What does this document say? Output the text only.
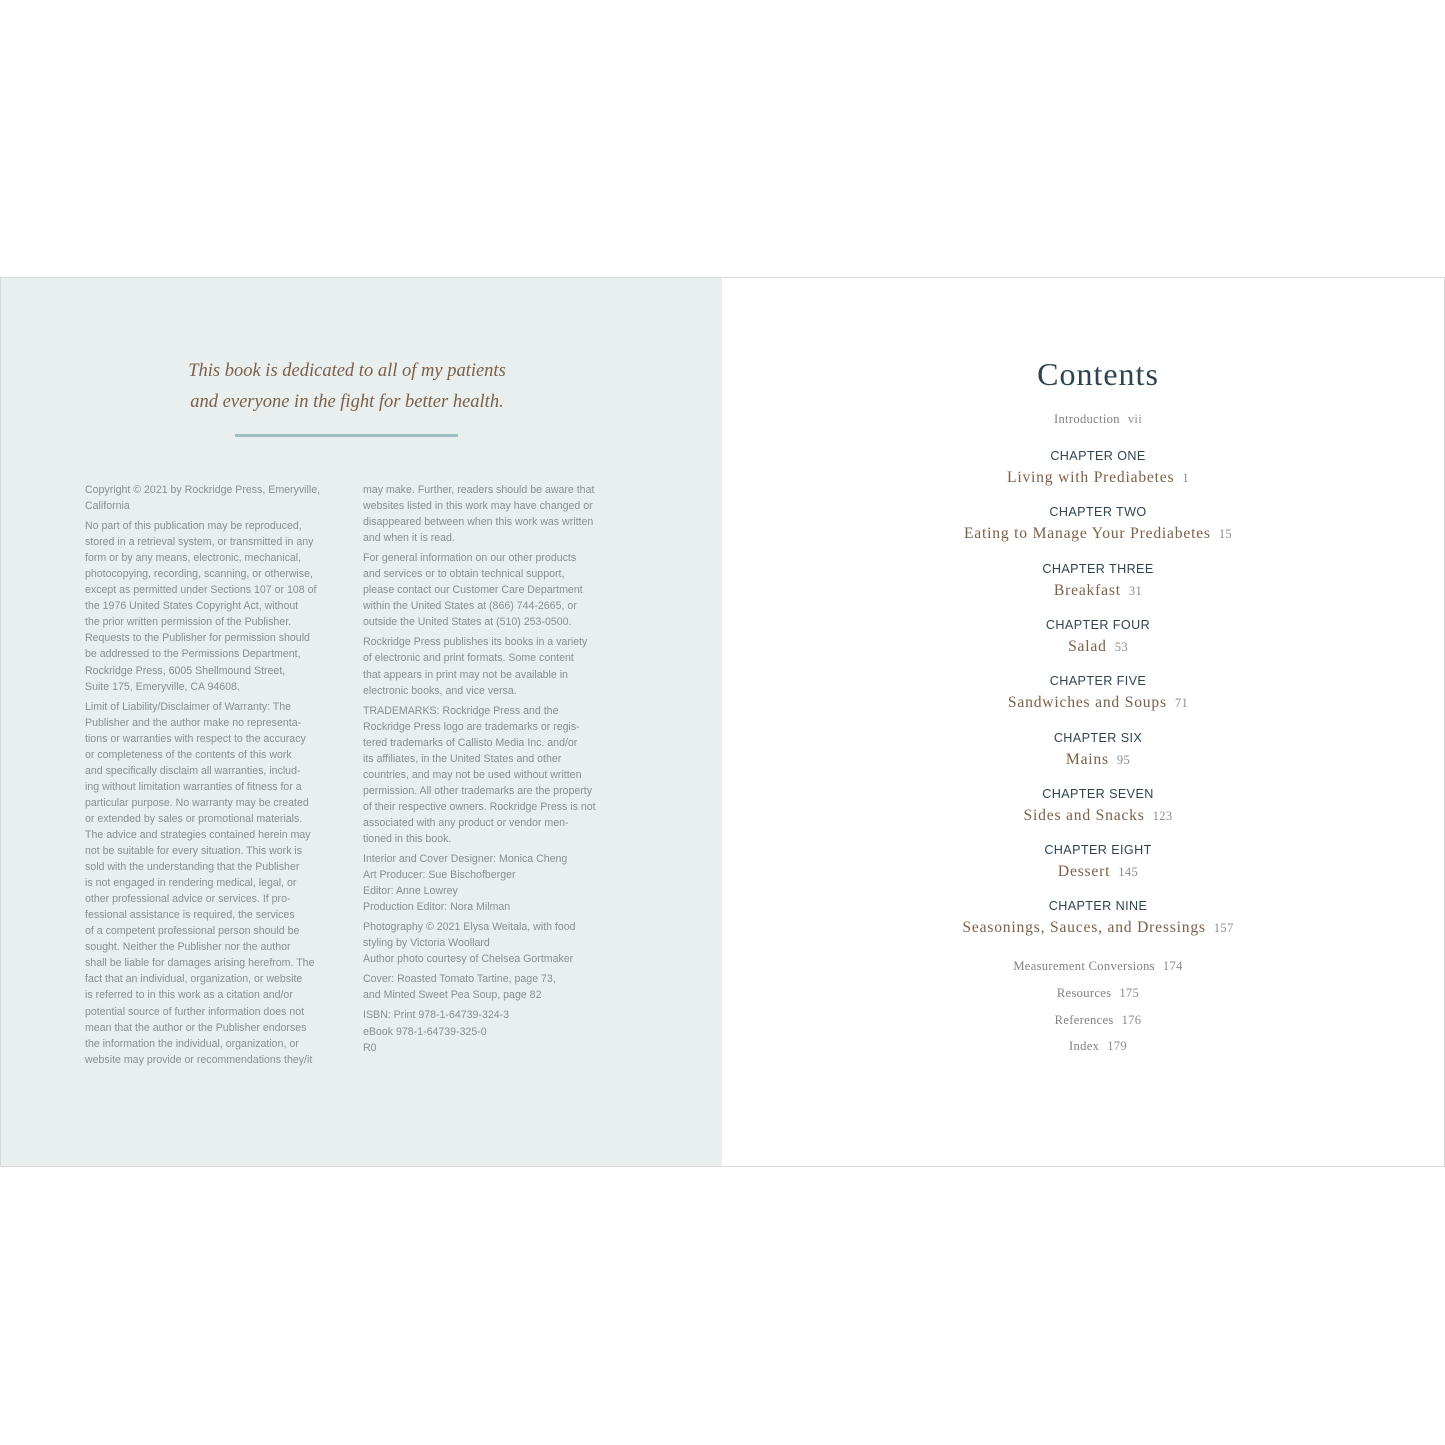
This book is dedicated to all of my patients
and everyone in the fight for better health.

Copyright © 2021 by Rockridge Press, Emeryville,
California

No part of this publication may be reproduced,
stored in a retrieval system, or transmitted in any
form or by any means, electronic, mechanical,
photocopying, recording, scanning, or otherwise,
except as permitted under Sections 107 or 108 of
the 1976 United States Copyright Act, without
the prior written permission of the Publisher.
Requests to the Publisher for permission should
be addressed to the Permissions Department,
Rockridge Press, 6005 Shellmound Street,
Suite 175, Emeryville, CA 94608.

Limit of Liability/Disclaimer of Warranty: The
Publisher and the author make no representa-
tions or warranties with respect to the accuracy
or completeness of the contents of this work
and specifically disclaim all warranties, includ-
ing without limitation warranties of fitness for a
particular purpose. No warranty may be created
or extended by sales or promotional materials.
The advice and strategies contained herein may
not be suitable for every situation. This work is
sold with the understanding that the Publisher
is not engaged in rendering medical, legal, or
other professional advice or services. If pro-
fessional assistance is required, the services
of a competent professional person should be
sought. Neither the Publisher nor the author
shall be liable for damages arising herefrom. The
fact that an individual, organization, or website
is referred to in this work as a citation and/or
potential source of further information does not
mean that the author or the Publisher endorses
the information the individual, organization, or
website may provide or recommendations they/it

may make. Further, readers should be aware that
websites listed in this work may have changed or
disappeared between when this work was written
and when it is read.

For general information on our other products
and services or to obtain technical support,
please contact our Customer Care Department
within the United States at (866) 744-2665, or
outside the United States at (510) 253-0500.

Rockridge Press publishes its books in a variety
of electronic and print formats. Some content
that appears in print may not be available in
electronic books, and vice versa.

TRADEMARKS: Rockridge Press and the
Rockridge Press logo are trademarks or regis-
tered trademarks of Callisto Media Inc. and/or
its affiliates, in the United States and other
countries, and may not be used without written
permission. All other trademarks are the property
of their respective owners. Rockridge Press is not
associated with any product or vendor men-
tioned in this book.

Interior and Cover Designer: Monica Cheng
Art Producer: Sue Bischofberger
Editor: Anne Lowrey
Production Editor: Nora Milman

Photography © 2021 Elysa Weitala, with food
styling by Victoria Woollard
Author photo courtesy of Chelsea Gortmaker

Cover: Roasted Tomato Tartine, page 73,
and Minted Sweet Pea Soup, page 82

ISBN: Print 978-1-64739-324-3
eBook 978-1-64739-325-0
R0

Contents
Introduction vii
CHAPTER ONE
Living with Prediabetes 1
CHAPTER TWO
Eating to Manage Your Prediabetes 15
CHAPTER THREE
Breakfast 31
CHAPTER FOUR
Salad 53
CHAPTER FIVE
Sandwiches and Soups 71
CHAPTER SIX
Mains 95
CHAPTER SEVEN
Sides and Snacks 123
CHAPTER EIGHT
Dessert 145
CHAPTER NINE
Seasonings, Sauces, and Dressings 157
Measurement Conversions 174
Resources 175
References 176
Index 179
